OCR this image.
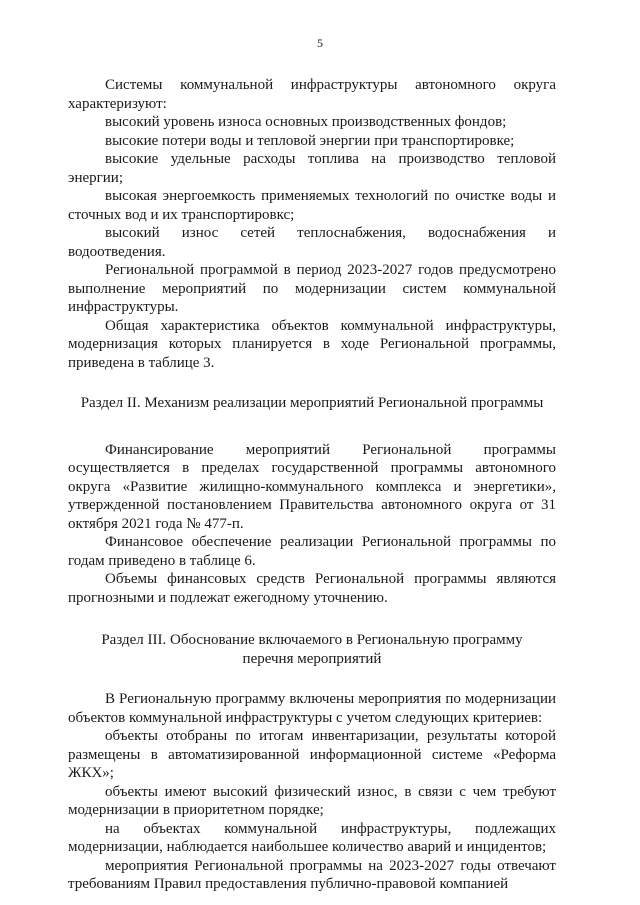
5

Системы коммунальной инфраструктуры автономного округа характеризуют:

высокий уровень износа основных производственных фондов;

высокие потери воды и тепловой энергии при транспортировке;

высокие удельные расходы топлива на производство тепловой энергии;

высокая энергоемкость применяемых технологий по очистке воды и сточных вод и их транспортировкс;

высокий износ сетей теплоснабжения, водоснабжения и водоотведения.

Региональной программой в период 2023-2027 годов предусмотрено выполнение мероприятий по модернизации систем коммунальной инфраструктуры.

Общая характеристика объектов коммунальной инфраструктуры, модернизация которых планируется в ходе Региональной программы, приведена в таблице 3.

Раздел II. Механизм реализации мероприятий Региональной программы

Финансирование мероприятий Региональной программы осуществляется в пределах государственной программы автономного округа «Развитие жилищно-коммунального комплекса и энергетики», утвержденной постановлением Правительства автономного округа от 31 октября 2021 года № 477-п.

Финансовое обеспечение реализации Региональной программы по годам приведено в таблице 6.

Объемы финансовых средств Региональной программы являются прогнозными и подлежат ежегодному уточнению.

Раздел III. Обоснование включаемого в Региональную программу
перечня мероприятий

В Региональную программу включены мероприятия по модернизации объектов коммунальной инфраструктуры с учетом следующих критериев:

объекты отобраны по итогам инвентаризации, результаты которой размещены в автоматизированной информационной системе «Реформа ЖКХ»;

объекты имеют высокий физический износ, в связи с чем требуют модернизации в приоритетном порядке;

на объектах коммунальной инфраструктуры, подлежащих модернизации, наблюдается наибольшее количество аварий и инцидентов;

мероприятия Региональной программы на 2023-2027 годы отвечают требованиям Правил предоставления публично-правовой компанией
